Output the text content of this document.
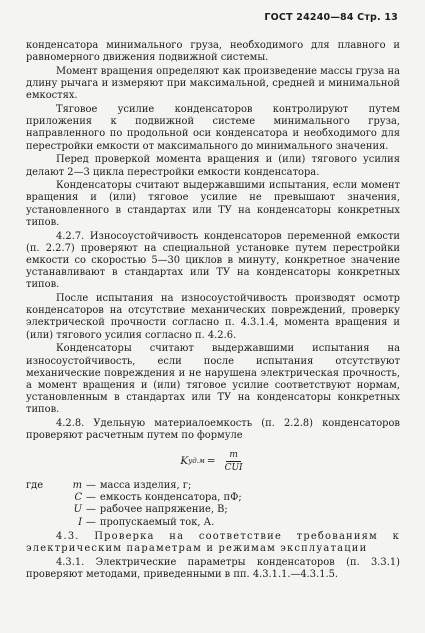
ГОСТ 24240—84 Стр. 13

конденсатора минимального груза, необходимого для плавного и равномерного движения подвижной системы.

Момент вращения определяют как произведение массы груза на длину рычага и измеряют при максимальной, средней и минимальной емкостях.

Тяговое усилие конденсаторов контролируют путем приложения к подвижной системе минимального груза, направленного по продольной оси конденсатора и необходимого для перестройки емкости от максимального до минимального значения.

Перед проверкой момента вращения и (или) тягового усилия делают 2—3 цикла перестройки емкости конденсатора.

Конденсаторы считают выдержавшими испытания, если момент вращения и (или) тяговое усилие не превышают значения, установленного в стандартах или ТУ на конденсаторы конкретных типов.

4.2.7. Износоустойчивость конденсаторов переменной емкости (п. 2.2.7) проверяют на специальной установке путем перестройки емкости со скоростью 5—30 циклов в минуту, конкретное значение устанавливают в стандартах или ТУ на конденсаторы конкретных типов.

После испытания на износоустойчивость производят осмотр конденсаторов на отсутствие механических повреждений, проверку электрической прочности согласно п. 4.3.1.4, момента вращения и (или) тягового усилия согласно п. 4.2.6.

Конденсаторы считают выдержавшими испытания на износоустойчивость, если после испытания отсутствуют механические повреждения и не нарушена электрическая прочность, а момент вращения и (или) тяговое усилие соответствуют нормам, установленным в стандартах или ТУ на конденсаторы конкретных типов.

4.2.8. Удельную материалоемкость (п. 2.2.8) конденсаторов проверяют расчетным путем по формуле

K $уд.м = \frac{m}{\text{CUI}}$
где	m — масса изделия, г;
C — емкость конденсатора, пФ;
U — рабочее напряжение, В;
I — пропускаемый ток, А.

4.3. Проверка на соответствие требованиям к электрическим параметрам и режимам эксплуатации

4.3.1. Электрические параметры конденсаторов (п. 3.3.1) проверяют методами, приведенными в пп. 4.3.1.1.—4.3.1.5.
